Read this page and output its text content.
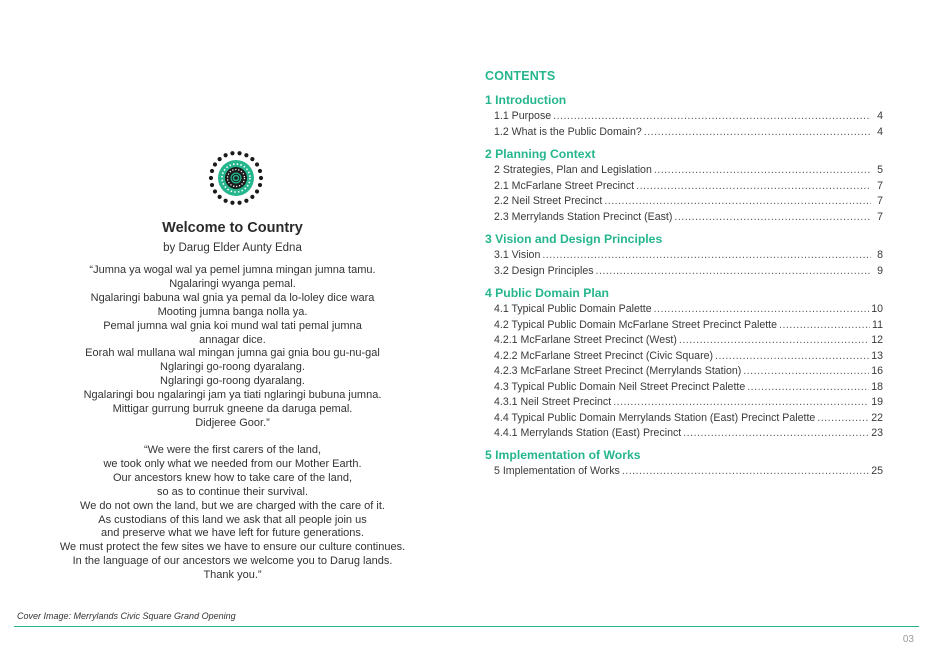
Welcome to Country
by Darug Elder Aunty Edna
“Jumna ya wogal wal ya pemel jumna mingan jumna tamu.
Ngalaringi wyanga pemal.
Ngalaringi babuna wal gnia ya pemal da lo-loley dice wara
Mooting jumna banga nolla ya.
Pemal jumna wal gnia koi mund wal tati pemal jumna
annagar dice.
Eorah wal mullana wal mingan jumna gai gnia bou gu-nu-gal
Nglaringi go-roong dyaralang.
Nglaringi go-roong dyaralang.
Ngalaringi bou ngalaringi jam ya tiati nglaringi bubuna jumna.
Mittigar gurrung burruk gneene da daruga pemal.
Didjeree Goor.”
“We were the first carers of the land,
we took only what we needed from our Mother Earth.
Our ancestors knew how to take care of the land,
so as to continue their survival.
We do not own the land, but we are charged with the care of it.
As custodians of this land we ask that all people join us
and preserve what we have left for future generations.
We must protect the few sites we have to ensure our culture continues.
In the language of our ancestors we welcome you to Darug lands.
Thank you.”
CONTENTS
1 Introduction
1.1 Purpose .....	4
1.2 What is the Public Domain? .....	4
2 Planning Context
2 Strategies, Plan and Legislation .....	5
2.1 McFarlane Street Precinct .....	7
2.2 Neil Street Precinct .....	7
2.3 Merrylands Station Precinct (East) .....	7
3 Vision and Design Principles
3.1 Vision .....	8
3.2 Design Principles .....	9
4 Public Domain Plan
4.1 Typical Public Domain Palette .....	10
4.2 Typical Public Domain McFarlane Street Precinct Palette .....	11
4.2.1 McFarlane Street Precinct (West) .....	12
4.2.2 McFarlane Street Precinct (Civic Square) .....	13
4.2.3 McFarlane Street Precinct (Merrylands Station) .....	16
4.3 Typical Public Domain Neil Street Precinct Palette .....	18
4.3.1 Neil Street Precinct .....	19
4.4 Typical Public Domain Merrylands Station (East) Precinct Palette .....	22
4.4.1 Merrylands Station (East) Precinct .....	23
5 Implementation of Works
5 Implementation of Works .....	25
Cover Image: Merrylands Civic Square Grand Opening
03
